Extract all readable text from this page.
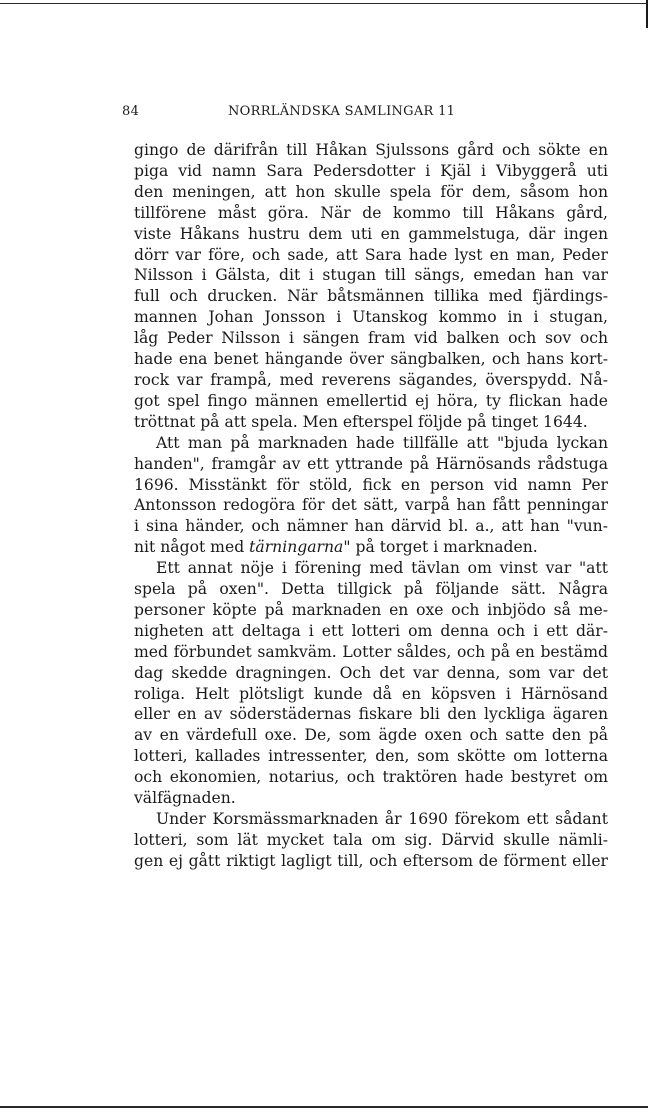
84	NORRLÄNDSKA SAMLINGAR 11
gingo de därifrån till Håkan Sjulssons gård och sökte en
piga vid namn Sara Pedersdotter i Kjäl i Vibyggerå uti
den meningen, att hon skulle spela för dem, såsom hon
tillförene måst göra. När de kommo till Håkans gård,
viste Håkans hustru dem uti en gammelstuga, där ingen
dörr var före, och sade, att Sara hade lyst en man, Peder
Nilsson i Gälsta, dit i stugan till sängs, emedan han var
full och drucken. När båtsmännen tillika med fjärdings-
mannen Johan Jonsson i Utanskog kommo in i stugan,
låg Peder Nilsson i sängen fram vid balken och sov och
hade ena benet hängande över sängbalken, och hans kort-
rock var frampå, med reverens sägandes, överspydd. Nå-
got spel fingo männen emellertid ej höra, ty flickan hade
tröttnat på att spela. Men efterspel följde på tinget 1644.
Att man på marknaden hade tillfälle att "bjuda lyckan
handen", framgår av ett yttrande på Härnösands rådstuga
1696. Misstänkt för stöld, fick en person vid namn Per
Antonsson redogöra för det sätt, varpå han fått penningar
i sina händer, och nämner han därvid bl. a., att han "vun-
nit något med tärningarna" på torget i marknaden.
Ett annat nöje i förening med tävlan om vinst var "att
spela på oxen". Detta tillgick på följande sätt. Några
personer köpte på marknaden en oxe och inbjödo så me-
nigheten att deltaga i ett lotteri om denna och i ett där-
med förbundet samkväm. Lotter såldes, och på en bestämd
dag skedde dragningen. Och det var denna, som var det
roliga. Helt plötsligt kunde då en köpsven i Härnösand
eller en av söderstädernas fiskare bli den lyckliga ägaren
av en värdefull oxe. De, som ägde oxen och satte den på
lotteri, kallades intressenter, den, som skötte om lotterna
och ekonomien, notarius, och traktören hade bestyret om
välfägnaden.
Under Korsmässmarknaden år 1690 förekom ett sådant
lotteri, som lät mycket tala om sig. Därvid skulle nämli-
gen ej gått riktigt lagligt till, och eftersom de förment eller
